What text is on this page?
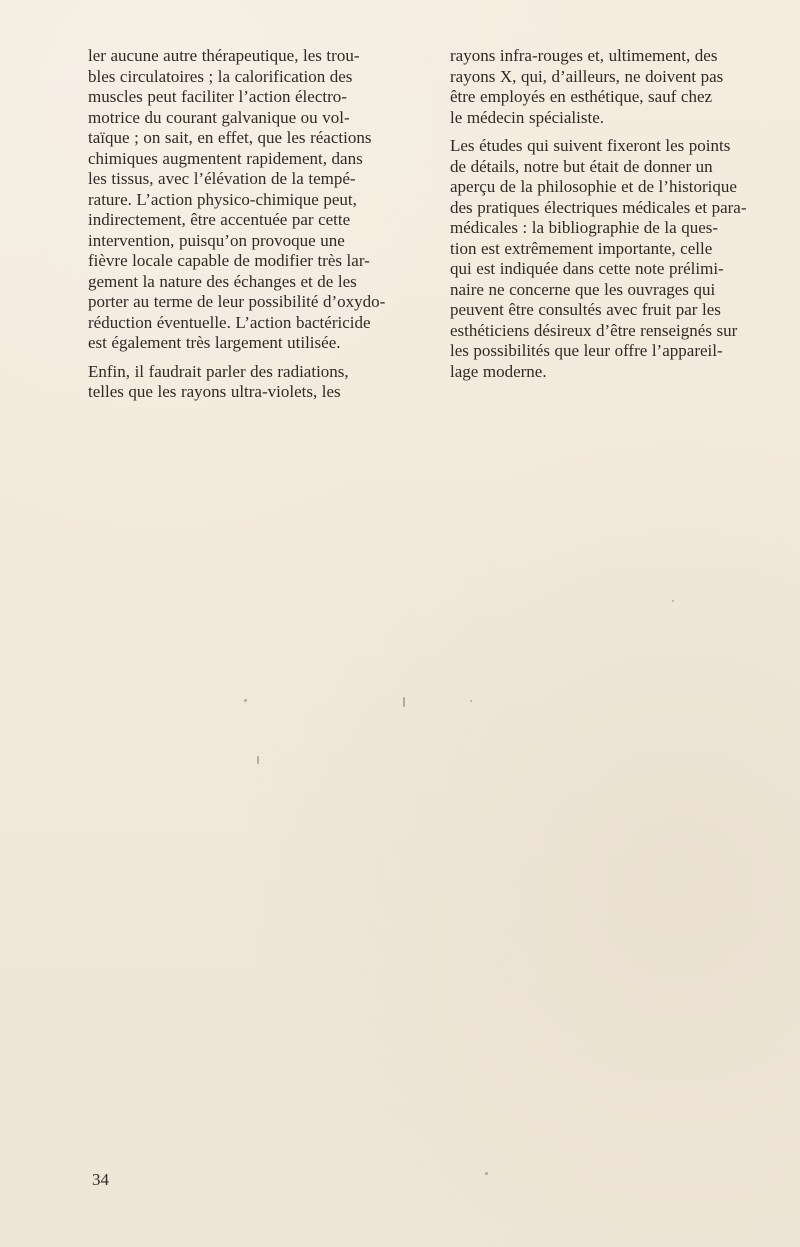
ler aucune autre thérapeutique, les trou-
bles circulatoires ; la calorification des
muscles peut faciliter l’action électro-
motrice du courant galvanique ou vol-
taïque ; on sait, en effet, que les réactions
chimiques augmentent rapidement, dans
les tissus, avec l’élévation de la tempé-
rature. L’action physico-chimique peut,
indirectement, être accentuée par cette
intervention, puisqu’on provoque une
fièvre locale capable de modifier très lar-
gement la nature des échanges et de les
porter au terme de leur possibilité d’oxydo-
réduction éventuelle. L’action bactéricide
est également très largement utilisée.

Enfin, il faudrait parler des radiations,
telles que les rayons ultra-violets, les

rayons infra-rouges et, ultimement, des
rayons X, qui, d’ailleurs, ne doivent pas
être employés en esthétique, sauf chez
le médecin spécialiste.

Les études qui suivent fixeront les points
de détails, notre but était de donner un
aperçu de la philosophie et de l’historique
des pratiques électriques médicales et para-
médicales : la bibliographie de la ques-
tion est extrêmement importante, celle
qui est indiquée dans cette note prélimi-
naire ne concerne que les ouvrages qui
peuvent être consultés avec fruit par les
esthéticiens désireux d’être renseignés sur
les possibilités que leur offre l’appareil-
lage moderne.

34
